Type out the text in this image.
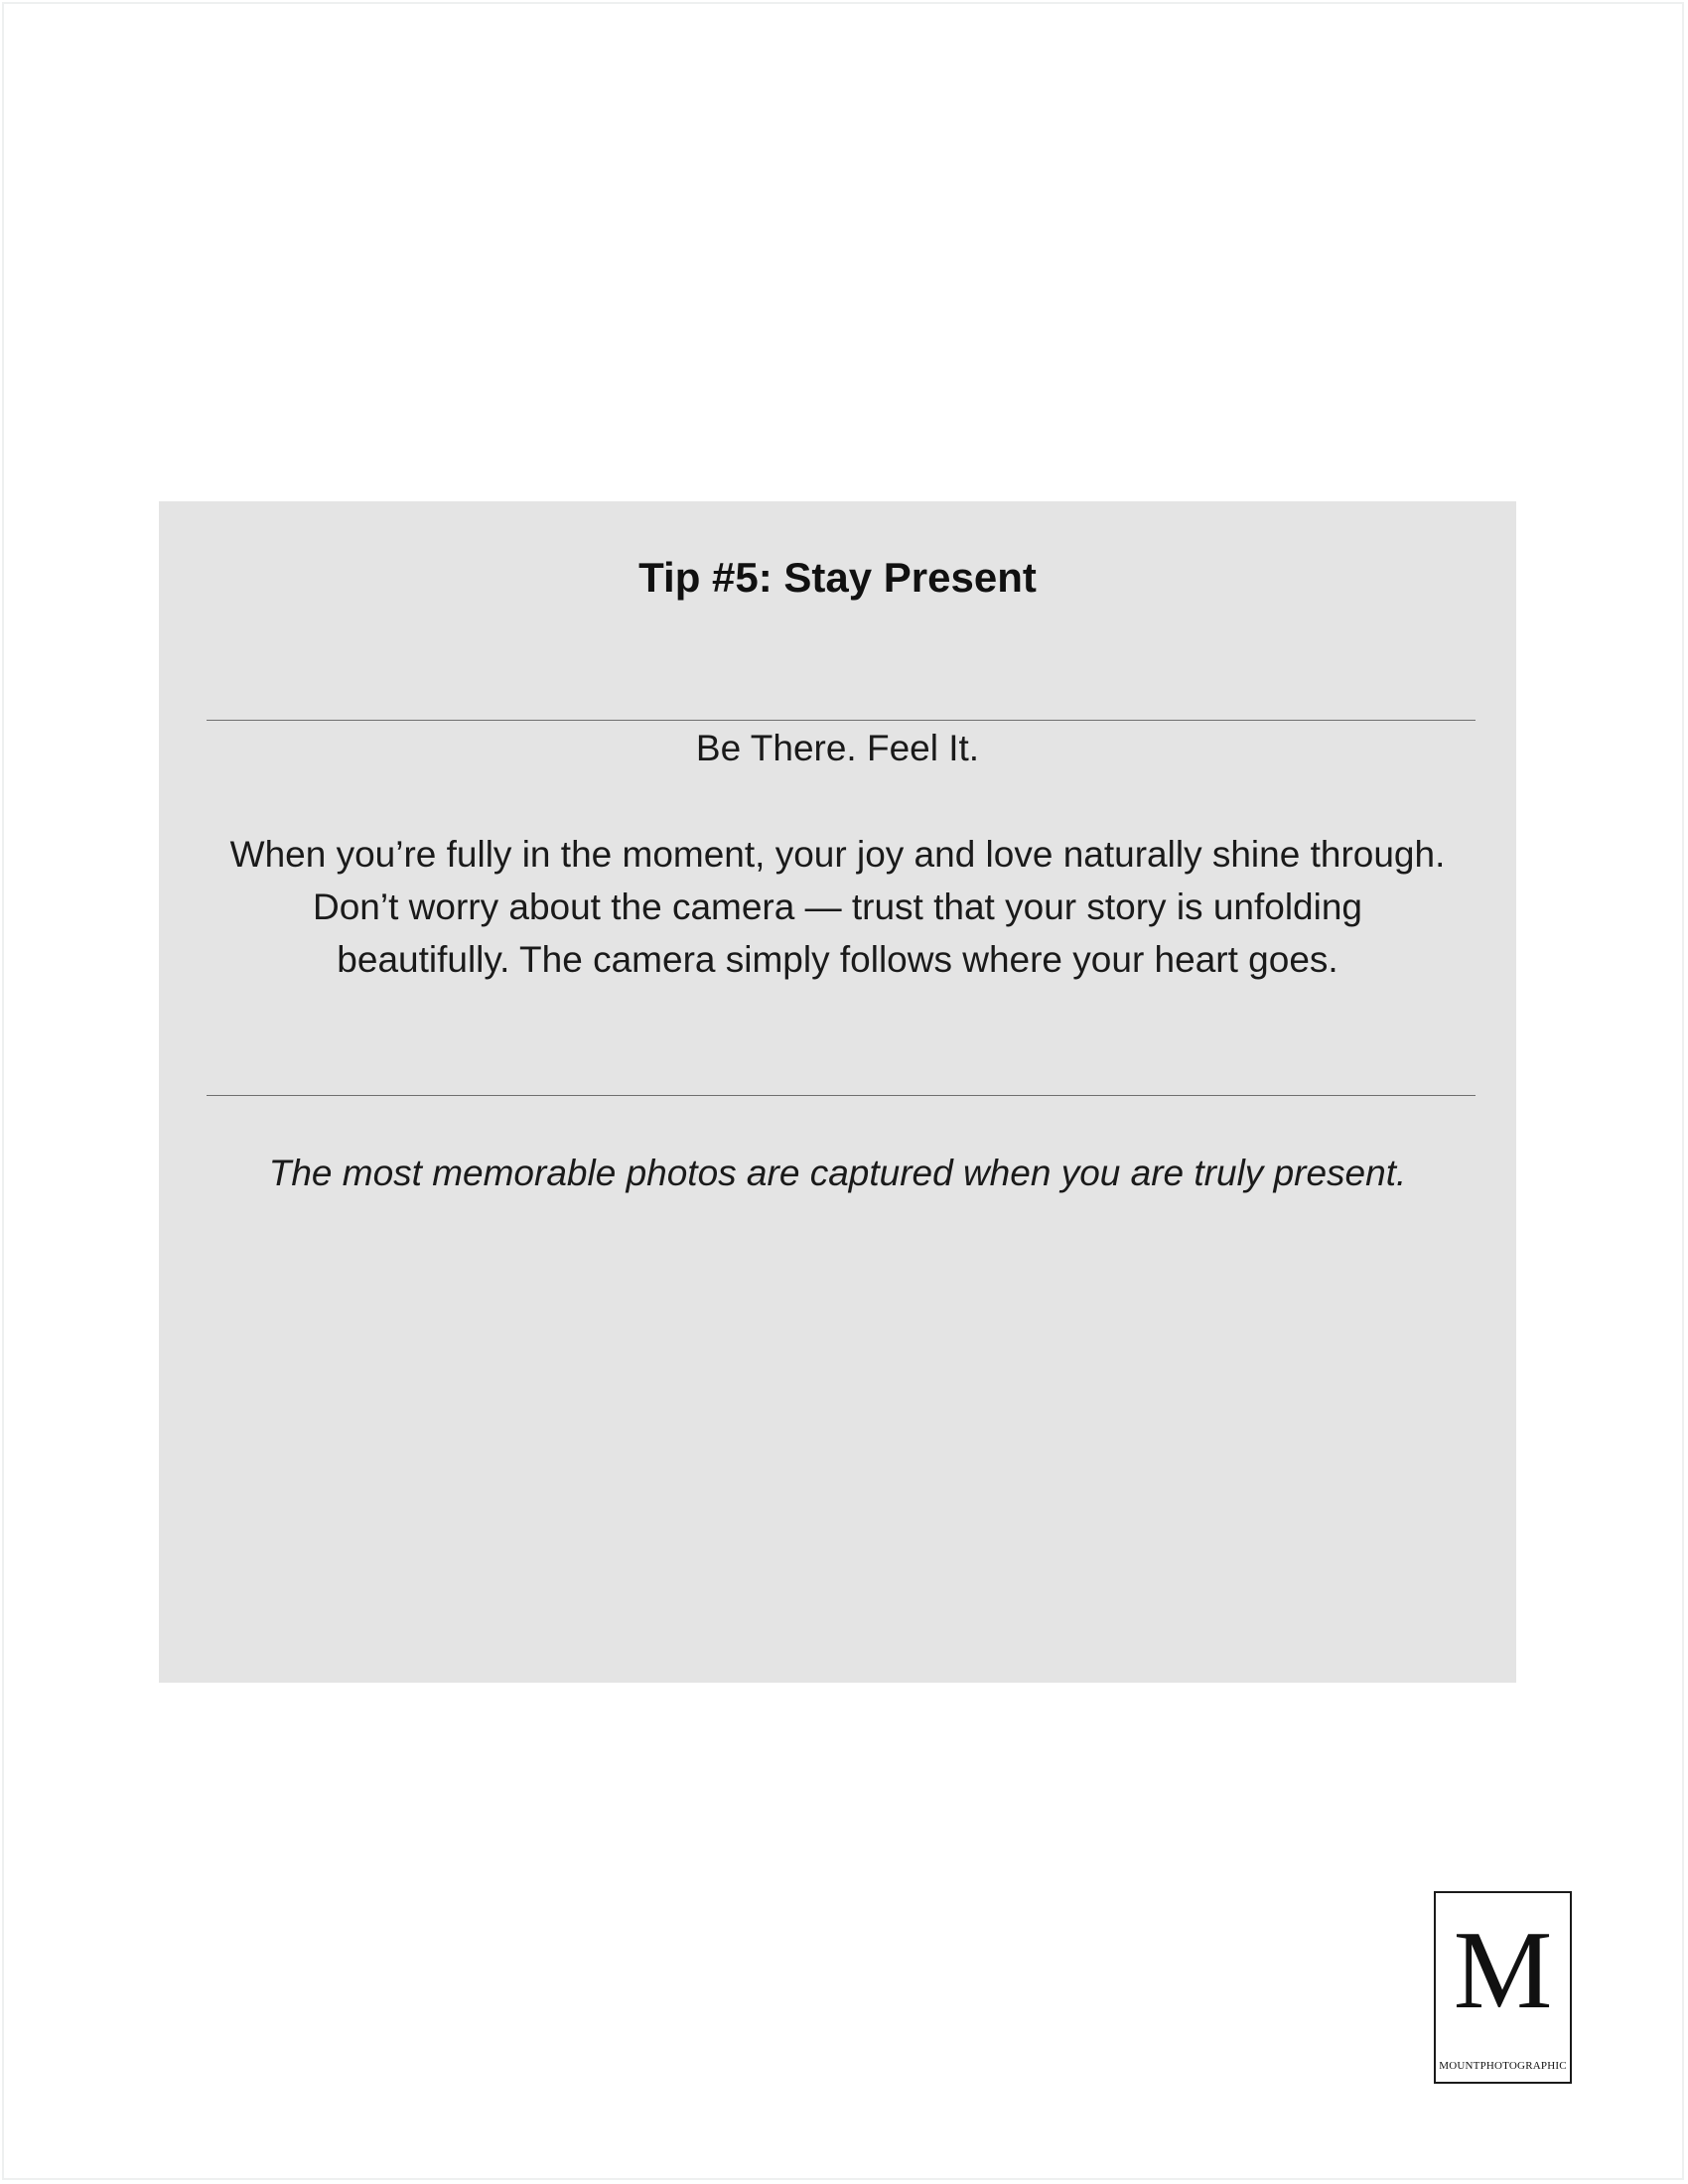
Tip #5: Stay Present

Be There. Feel It.

When you’re fully in the moment, your joy and love naturally shine through. Don’t worry about the camera — trust that your story is unfolding beautifully. The camera simply follows where your heart goes.

The most memorable photos are captured when you are truly present.

M
MOUNTPHOTOGRAPHIC
